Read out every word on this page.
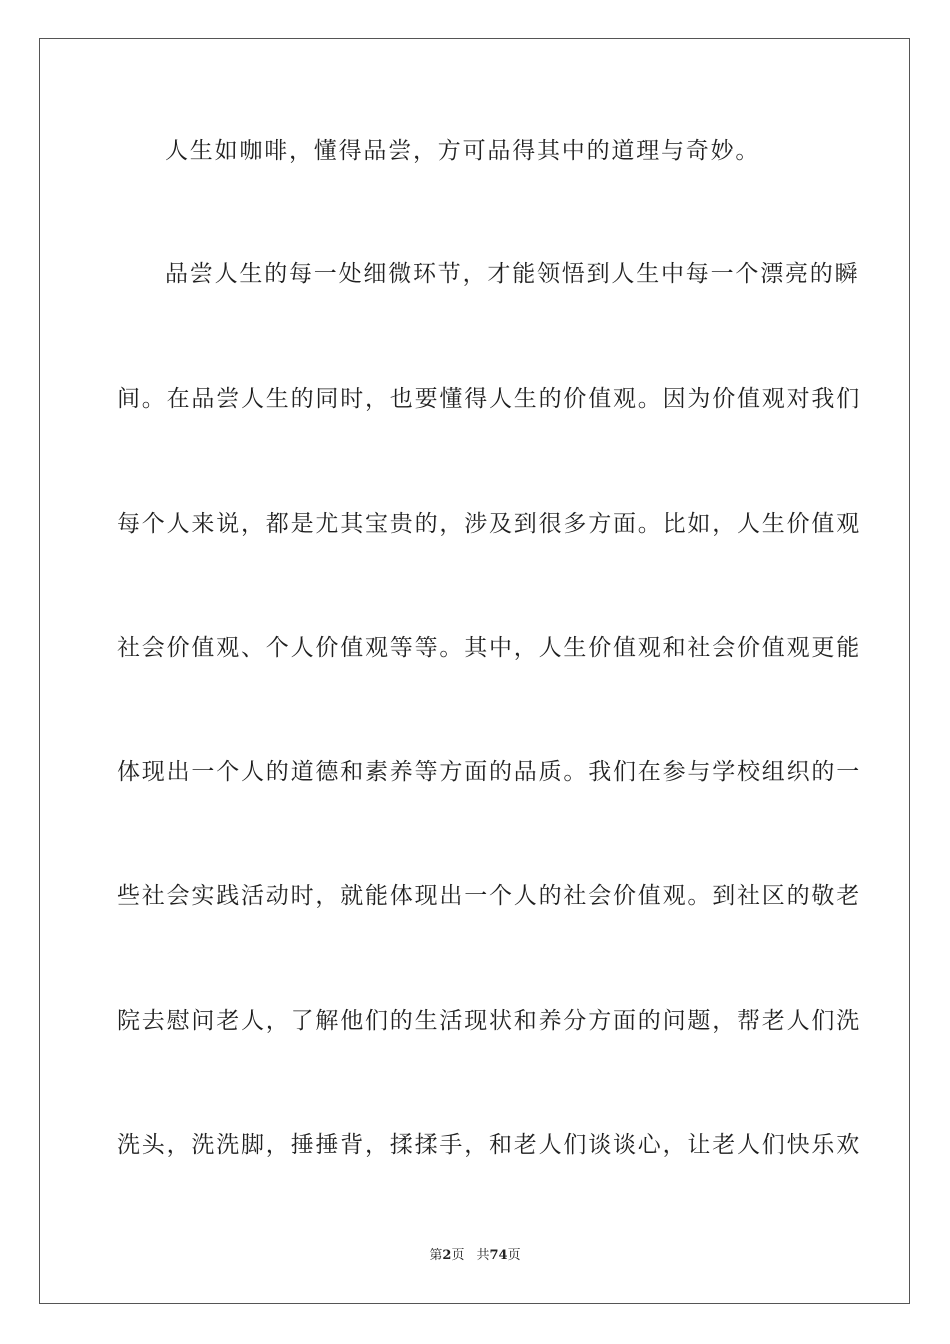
人生如咖啡，懂得品尝，方可品得其中的道理与奇妙。
品尝人生的每一处细微环节，才能领悟到人生中每一个漂亮的瞬
间。在品尝人生的同时，也要懂得人生的价值观。因为价值观对我们
每个人来说，都是尤其宝贵的，涉及到很多方面。比如，人生价值观
社会价值观、个人价值观等等。其中，人生价值观和社会价值观更能
体现出一个人的道德和素养等方面的品质。我们在参与学校组织的一
些社会实践活动时，就能体现出一个人的社会价值观。到社区的敬老
院去慰问老人，了解他们的生活现状和养分方面的问题，帮老人们洗
洗头，洗洗脚，捶捶背，揉揉手，和老人们谈谈心，让老人们快乐欢
第2页 共74页
